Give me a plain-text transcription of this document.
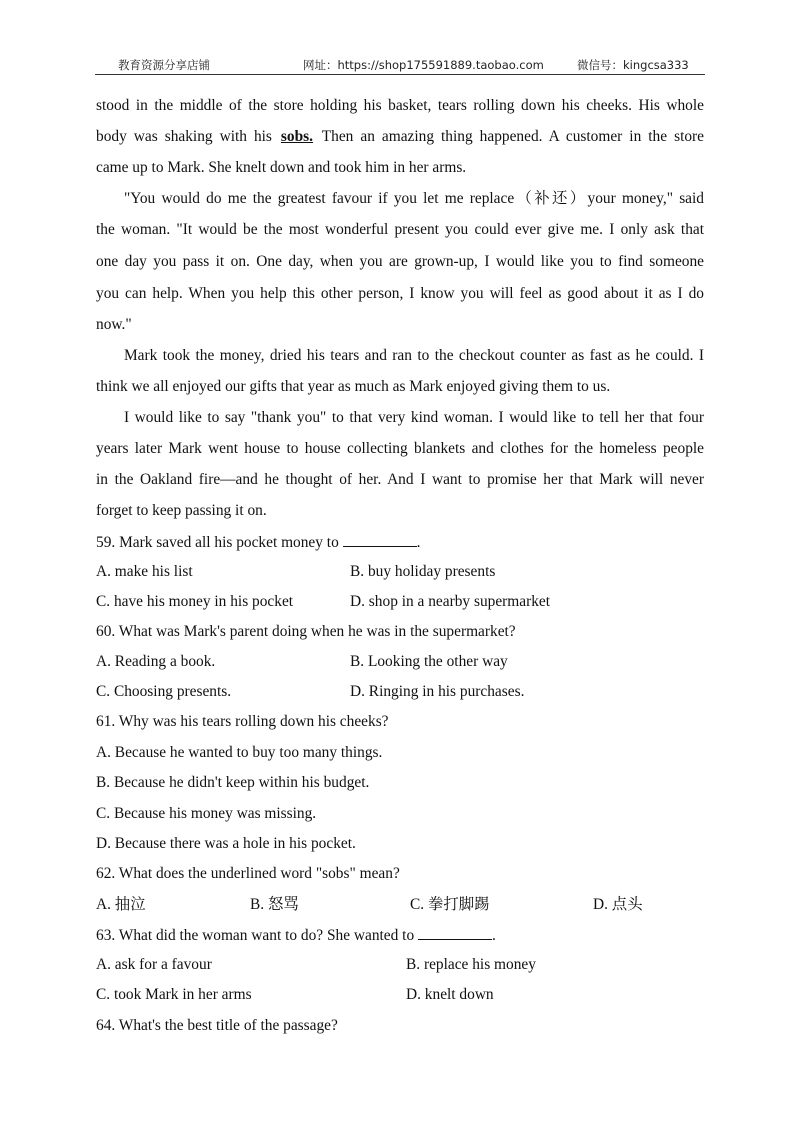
教育资源分享店铺	网址：https://shop175591889.taobao.com	微信号：kingcsa333
stood in the middle of the store holding his basket, tears rolling down his cheeks. His whole
body was shaking with his sobs. Then an amazing thing happened. A customer in the store
came up to Mark. She knelt down and took him in her arms.
"You would do me the greatest favour if you let me replace（补还）your money," said
the woman. "It would be the most wonderful present you could ever give me. I only ask that
one day you pass it on. One day, when you are grown-up, I would like you to find someone
you can help. When you help this other person, I know you will feel as good about it as I do
now."
Mark took the money, dried his tears and ran to the checkout counter as fast as he could. I
think we all enjoyed our gifts that year as much as Mark enjoyed giving them to us.
I would like to say "thank you" to that very kind woman. I would like to tell her that four
years later Mark went house to house collecting blankets and clothes for the homeless people
in the Oakland fire—and he thought of her. And I want to promise her that Mark will never
forget to keep passing it on.
59. Mark saved all his pocket money to	.
A. make his list	B. buy holiday presents
C. have his money in his pocket	D. shop in a nearby supermarket
60. What was Mark's parent doing when he was in the supermarket?
A. Reading a book.	B. Looking the other way
C. Choosing presents.	D. Ringing in his purchases.
61. Why was his tears rolling down his cheeks?
A. Because he wanted to buy too many things.
B. Because he didn't keep within his budget.
C. Because his money was missing.
D. Because there was a hole in his pocket.
62. What does the underlined word "sobs" mean?
A. 抽泣	B. 怒骂	C. 拳打脚踢	D. 点头
63. What did the woman want to do? She wanted to	.
A. ask for a favour	B. replace his money
C. took Mark in her arms	D. knelt down
64. What's the best title of the passage?
